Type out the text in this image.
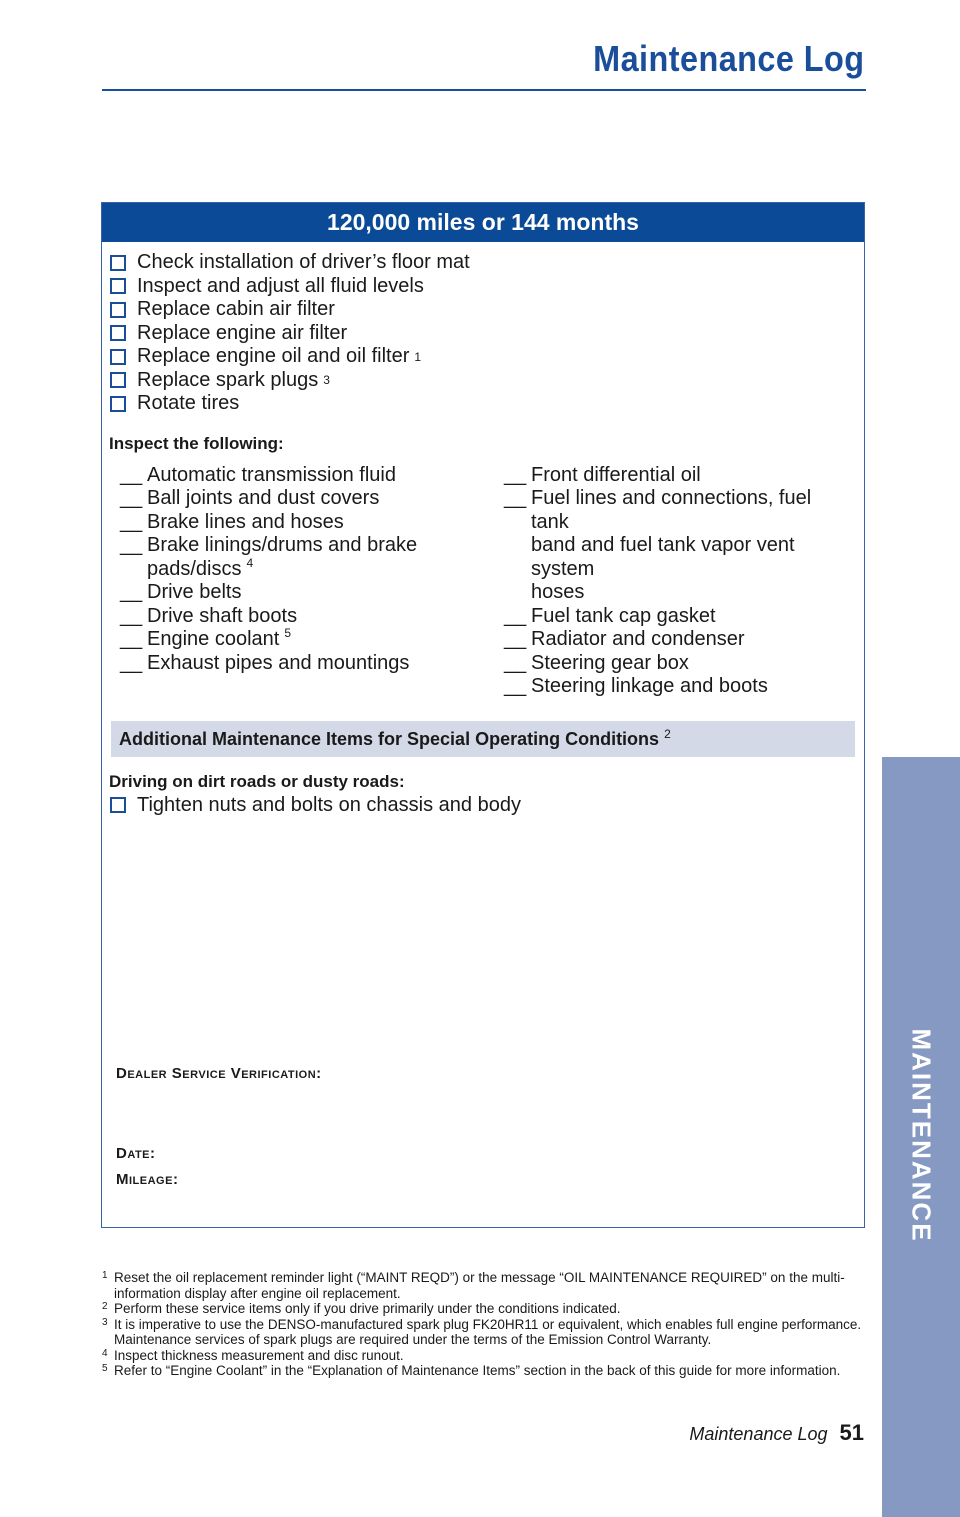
Maintenance Log
120,000 miles or 144 months
Check installation of driver’s floor mat
Inspect and adjust all fluid levels
Replace cabin air filter
Replace engine air filter
Replace engine oil and oil filter 1
Replace spark plugs 3
Rotate tires
Inspect the following:
__ Automatic transmission fluid
__ Ball joints and dust covers
__ Brake lines and hoses
__ Brake linings/drums and brake
pads/discs $^4$
__ Drive belts
__ Drive shaft boots
__ Engine coolant $^5$
__ Exhaust pipes and mountings
__ Front differential oil
__ Fuel lines and connections, fuel tank
band and fuel tank vapor vent system
hoses
__ Fuel tank cap gasket
__ Radiator and condenser
__ Steering gear box
__ Steering linkage and boots
Additional Maintenance Items for Special Operating Conditions $^2$
Driving on dirt roads or dusty roads:
Tighten nuts and bolts on chassis and body
Dealer Service Verification:
Date:
Mileage:
1 Reset the oil replacement reminder light (“MAINT REQD”) or the message “OIL MAINTENANCE REQUIRED” on the multi-information display after engine oil replacement.
2 Perform these service items only if you drive primarily under the conditions indicated.
3 It is imperative to use the DENSO-manufactured spark plug FK20HR11 or equivalent, which enables full engine performance. Maintenance services of spark plugs are required under the terms of the Emission Control Warranty.
4 Inspect thickness measurement and disc runout.
5 Refer to “Engine Coolant” in the “Explanation of Maintenance Items” section in the back of this guide for more information.
Maintenance Log 51
MAINTENANCE
